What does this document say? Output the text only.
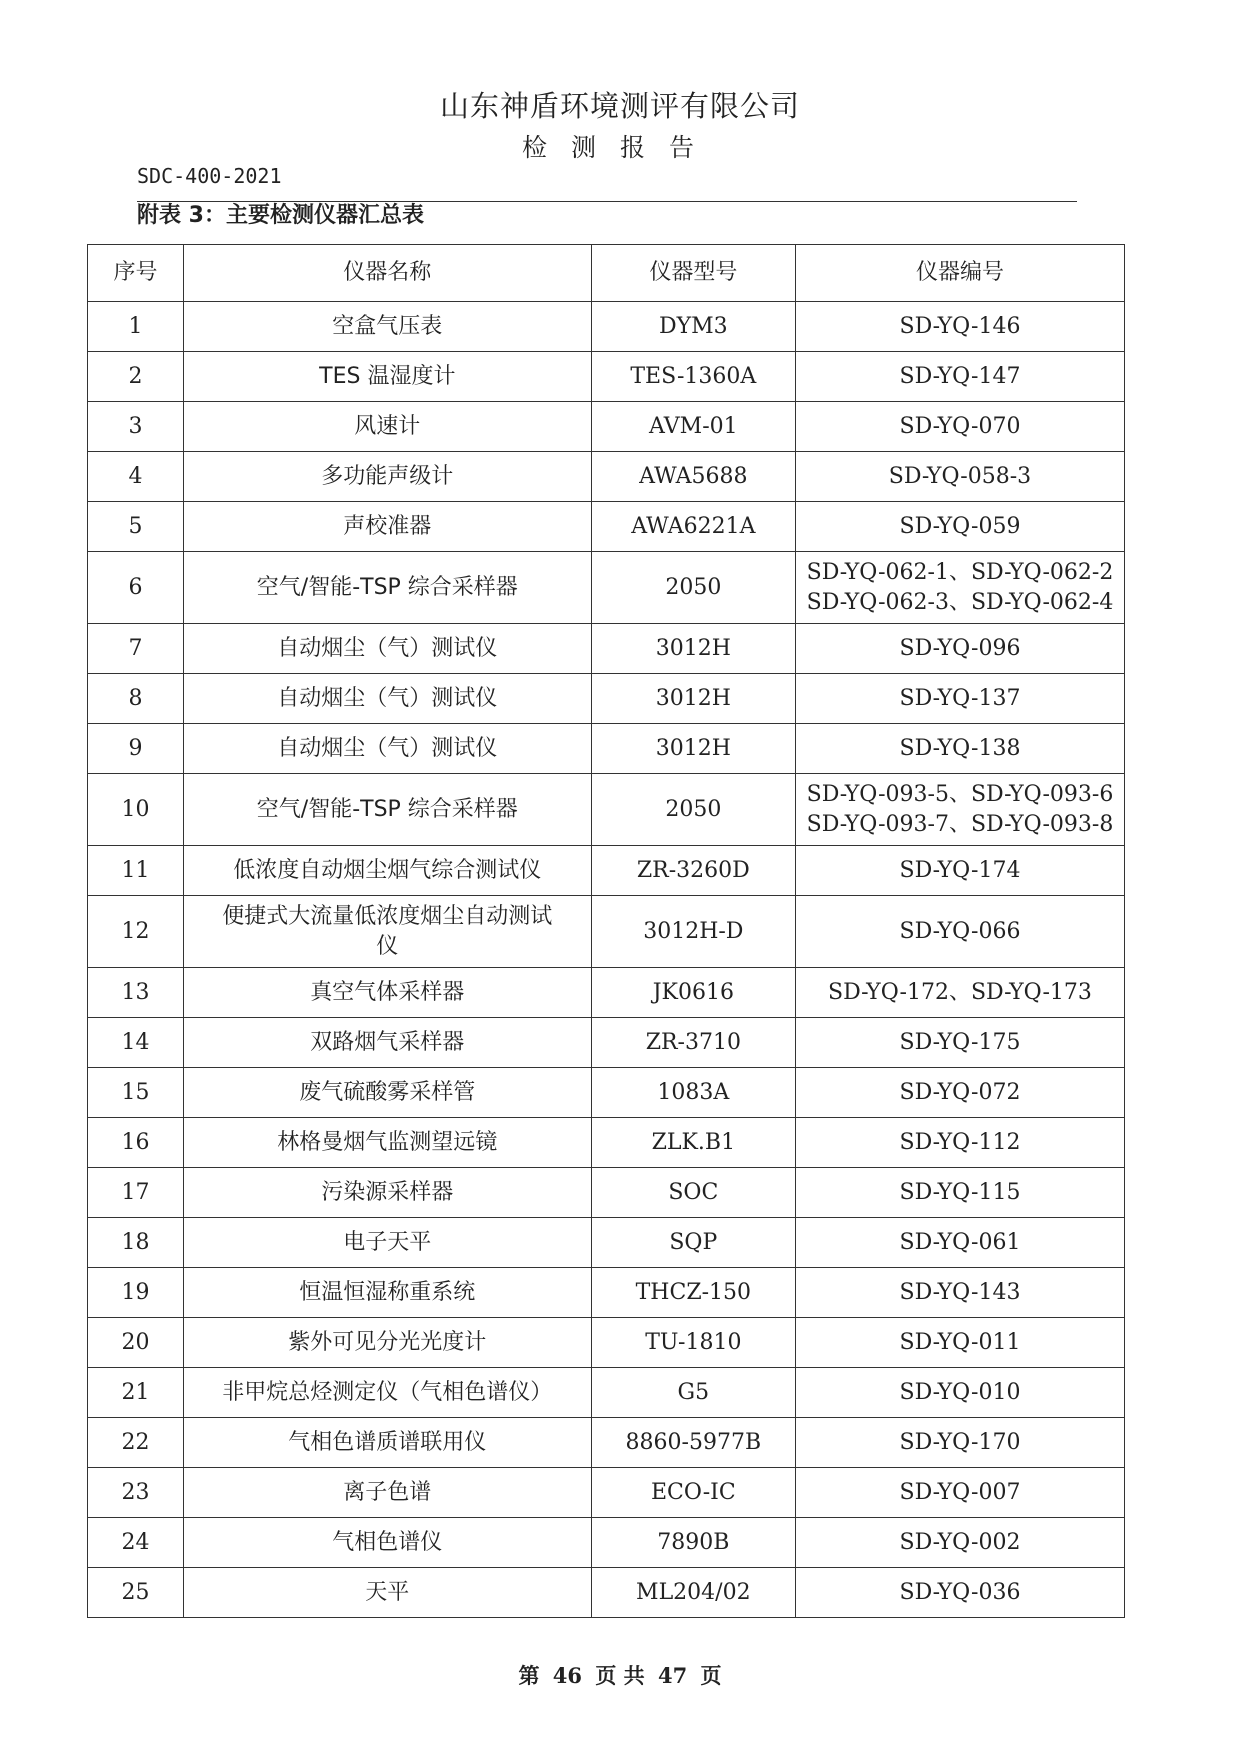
山东神盾环境测评有限公司
检测报告
SDC-400-2021
附表 3：主要检测仪器汇总表
序号	仪器名称	仪器型号	仪器编号
1	空盒气压表	DYM3	SD-YQ-146
2	TES 温湿度计	TES-1360A	SD-YQ-147
3	风速计	AVM-01	SD-YQ-070
4	多功能声级计	AWA5688	SD-YQ-058-3
5	声校准器	AWA6221A	SD-YQ-059
6	空气/智能-TSP 综合采样器	2050	SD-YQ-062-1、SD-YQ-062-2
SD-YQ-062-3、SD-YQ-062-4
7	自动烟尘（气）测试仪	3012H	SD-YQ-096
8	自动烟尘（气）测试仪	3012H	SD-YQ-137
9	自动烟尘（气）测试仪	3012H	SD-YQ-138
10	空气/智能-TSP 综合采样器	2050	SD-YQ-093-5、SD-YQ-093-6
SD-YQ-093-7、SD-YQ-093-8
11	低浓度自动烟尘烟气综合测试仪	ZR-3260D	SD-YQ-174
12	便捷式大流量低浓度烟尘自动测试
仪	3012H-D	SD-YQ-066
13	真空气体采样器	JK0616	SD-YQ-172、SD-YQ-173
14	双路烟气采样器	ZR-3710	SD-YQ-175
15	废气硫酸雾采样管	1083A	SD-YQ-072
16	林格曼烟气监测望远镜	ZLK.B1	SD-YQ-112
17	污染源采样器	SOC	SD-YQ-115
18	电子天平	SQP	SD-YQ-061
19	恒温恒湿称重系统	THCZ-150	SD-YQ-143
20	紫外可见分光光度计	TU-1810	SD-YQ-011
21	非甲烷总烃测定仪（气相色谱仪）	G5	SD-YQ-010
22	气相色谱质谱联用仪	8860-5977B	SD-YQ-170
23	离子色谱	ECO-IC	SD-YQ-007
24	气相色谱仪	7890B	SD-YQ-002
25	天平	ML204/02	SD-YQ-036
第 46 页 共 47 页
